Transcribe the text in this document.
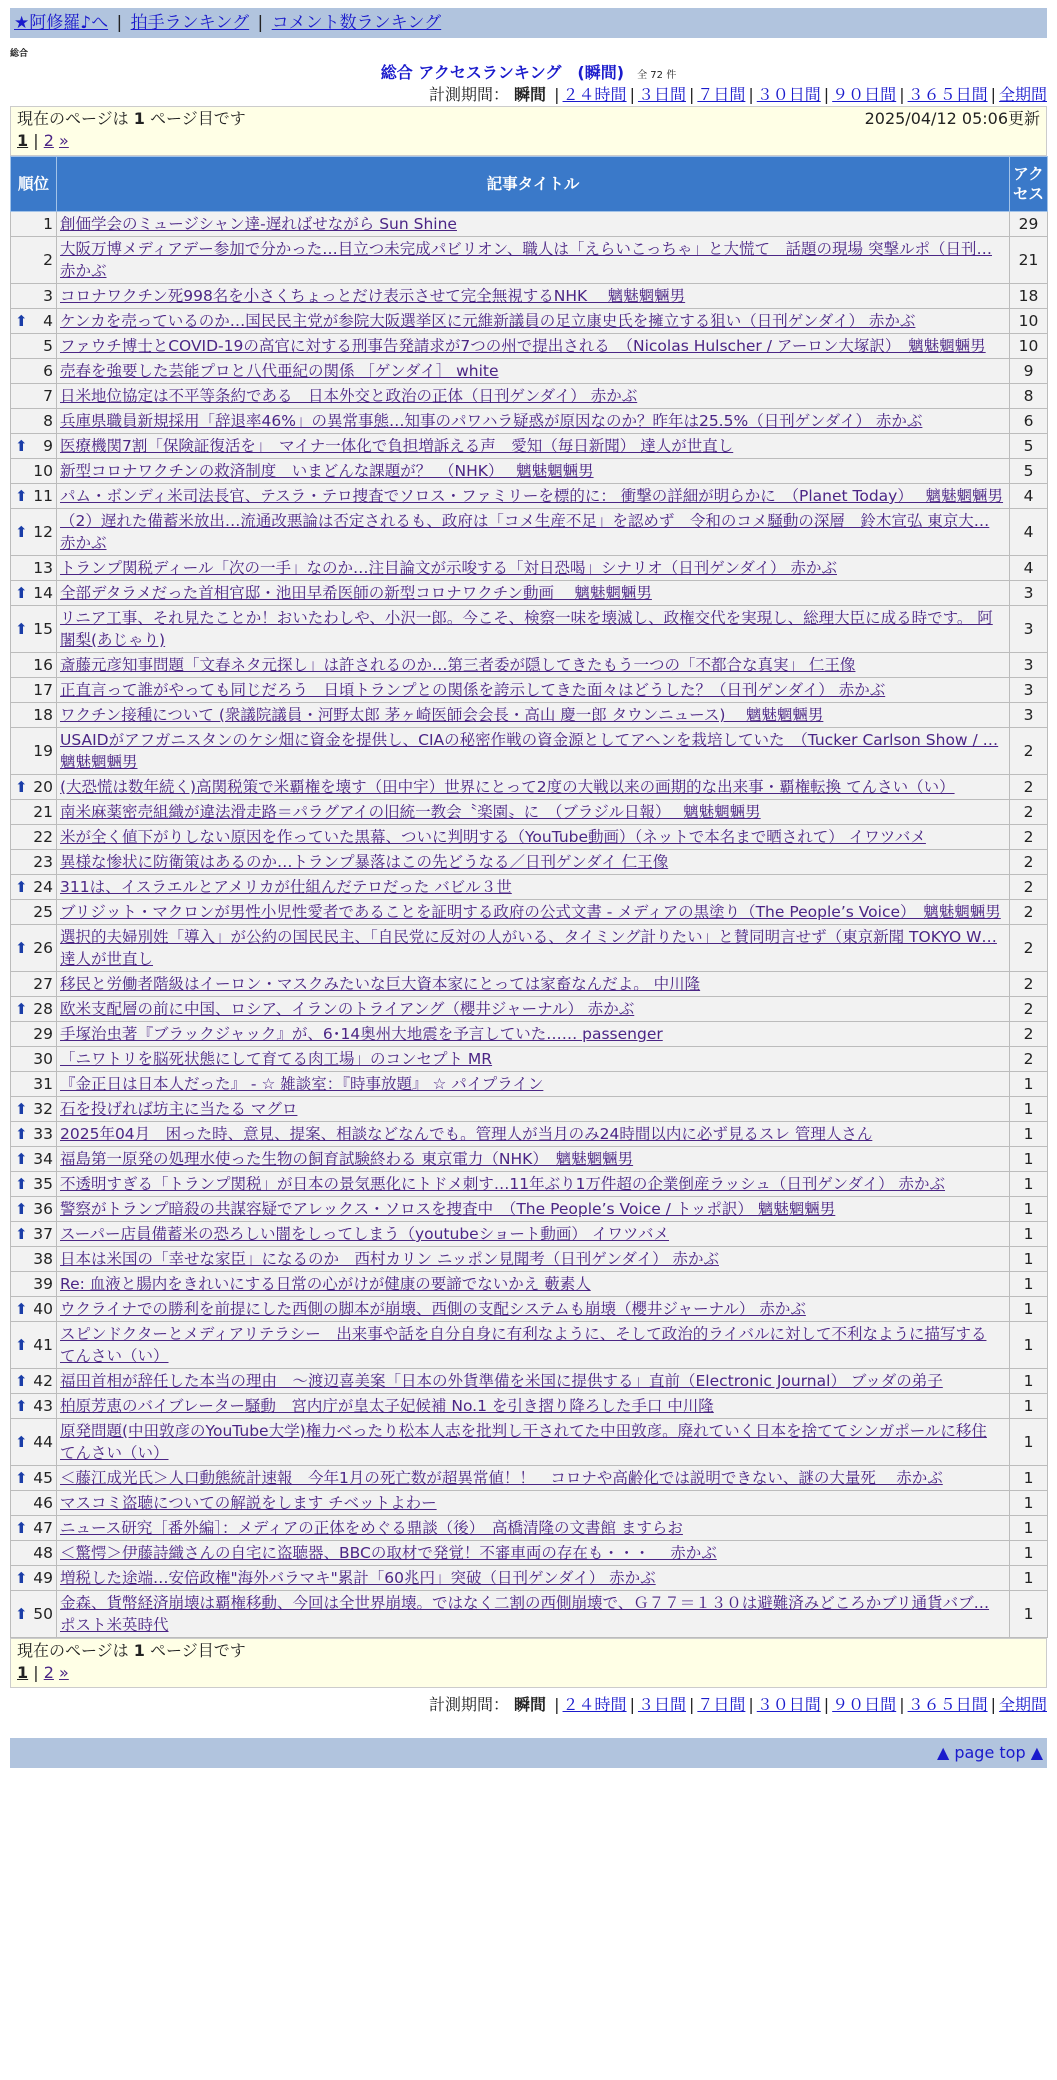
★阿修羅♪へ | 拍手ランキング | コメント数ランキング
総合
総合 アクセスランキング　(瞬間) 全 72 件
計測期間： 瞬間 | ２４時間 | ３日間 | ７日間 | ３０日間 | ９０日間 | ３６５日間 | 全期間
現在のページは 1 ページ目です	2025/04/12 05:06更新
1 | 2 »
順位	記事タイトル	アクセス
1	創価学会のミュージシャン達‐遅ればせながら Sun Shine	29
2	大阪万博メディアデー参加で分かった…目立つ未完成パビリオン、職人は「えらいこっちゃ」と大慌て　話題の現場 突撃ルポ（日刊… 赤かぶ	21
3	コロナワクチン死998名を小さくちょっとだけ表示させて完全無視するNHK　 魑魅魍魎男	18

⬆ 4	ケンカを売っているのか…国民民主党が参院大阪選挙区に元維新議員の足立康史氏を擁立する狙い（日刊ゲンダイ） 赤かぶ	10
5	ファウチ博士とCOVID-19の高官に対する刑事告発請求が7つの州で提出される　（Nicolas Hulscher / アーロン大塚訳）　魑魅魍魎男	10
6	売春を強要した芸能プロと八代亜紀の関係 ［ゲンダイ］ white	9
7	日米地位協定は不平等条約である　日本外交と政治の正体（日刊ゲンダイ） 赤かぶ	8
8	兵庫県職員新規採用「辞退率46%」の異常事態…知事のパワハラ疑惑が原因なのか？昨年は25.5%（日刊ゲンダイ） 赤かぶ	6

⬆ 9	医療機関7割「保険証復活を」　マイナ一体化で負担増訴える声　愛知（毎日新聞） 達人が世直し	5
10	新型コロナワクチンの救済制度　いまどんな課題が？　（NHK）　 魑魅魍魎男	5

⬆ 11	パム・ボンディ米司法長官、テスラ・テロ捜査でソロス・ファミリーを標的に： 衝撃の詳細が明らかに　（Planet Today）　 魑魅魍魎男	4

⬆ 12	（2）遅れた備蓄米放出…流通改悪論は否定されるも、政府は「コメ生産不足」を認めず　令和のコメ騒動の深層　鈴木宣弘 東京大… 赤かぶ	4
13	トランプ関税ディール「次の一手」なのか…注目論文が示唆する「対日恐喝」シナリオ（日刊ゲンダイ） 赤かぶ	4

⬆ 14	全部デタラメだった首相官邸・池田早希医師の新型コロナワクチン動画　 魑魅魍魎男	3

⬆ 15	リニア工事、それ見たことか！おいたわしや、小沢一郎。今こそ、検察一味を壊滅し、政権交代を実現し、総理大臣に成る時です。 阿闍梨(あじゃり)	3
16	斎藤元彦知事問題「文春ネタ元探し」は許されるのか…第三者委が隠してきたもう一つの「不都合な真実」 仁王像	3
17	正直言って誰がやっても同じだろう　日頃トランプとの関係を誇示してきた面々はどうした？（日刊ゲンダイ） 赤かぶ	3
18	ワクチン接種について (衆議院議員・河野太郎 茅ヶ崎医師会会長・高山 慶一郎 タウンニュース)　 魑魅魍魎男	3
19	USAIDがアフガニスタンのケシ畑に資金を提供し、CIAの秘密作戦の資金源としてアヘンを栽培していた　（Tucker Carlson Show / … 魑魅魍魎男	2

⬆ 20	(大恐慌は数年続く)高関税策で米覇権を壊す（田中宇）世界にとって2度の大戦以来の画期的な出来事・覇権転換 てんさい（い）	2
21	南米麻薬密売組織が違法滑走路＝パラグアイの旧統一教会〝楽園〟に　（ブラジル日報）　 魑魅魍魎男	2
22	米が全く値下がりしない原因を作っていた黒幕、ついに判明する（YouTube動画）（ネットで本名まで晒されて） イワツバメ	2
23	異様な惨状に防衛策はあるのか…トランプ暴落はこの先どうなる／日刊ゲンダイ 仁王像	2

⬆ 24	311は、イスラエルとアメリカが仕組んだテロだった バビル３世	2
25	ブリジット・マクロンが男性小児性愛者であることを証明する政府の公式文書 - メディアの黒塗り（The People’s Voice）　魑魅魍魎男	2

⬆ 26	選択的夫婦別姓「導入」が公約の国民民主、「自民党に反対の人がいる、タイミング計りたい」と賛同明言せず（東京新聞 TOKYO W… 達人が世直し	2
27	移民と労働者階級はイーロン・マスクみたいな巨大資本家にとっては家畜なんだよ。 中川隆	2

⬆ 28	欧米支配層の前に中国、ロシア、イランのトライアング（櫻井ジャーナル） 赤かぶ	2
29	手塚治虫著『ブラックジャック』が、6･14奥州大地震を予言していた…… passenger	2
30	「ニワトリを脳死状態にして育てる肉工場」のコンセプト MR	2
31	『金正日は日本人だった』 - ☆ 雑談室：『時事放題』 ☆ パイプライン	1

⬆ 32	石を投げれば坊主に当たる マグロ	1

⬆ 33	2025年04月　困った時、意見、提案、相談などなんでも。管理人が当月のみ24時間以内に必ず見るスレ 管理人さん	1

⬆ 34	福島第一原発の処理水使った生物の飼育試験終わる 東京電力（NHK）　魑魅魍魎男	1

⬆ 35	不透明すぎる「トランプ関税」が日本の景気悪化にトドメ刺す…11年ぶり1万件超の企業倒産ラッシュ（日刊ゲンダイ） 赤かぶ	1

⬆ 36	警察がトランプ暗殺の共謀容疑でアレックス・ソロスを捜査中　（The People’s Voice / トッポ訳） 魑魅魍魎男	1

⬆ 37	スーパー店員備蓄米の恐ろしい闇をしってしまう（youtubeショート動画） イワツバメ	1
38	日本は米国の「幸せな家臣」になるのか　西村カリン ニッポン見聞考（日刊ゲンダイ） 赤かぶ	1
39	Re: 血液と腸内をきれいにする日常の心がけが健康の要諦でないかえ 藪素人	1

⬆ 40	ウクライナでの勝利を前提にした西側の脚本が崩壊、西側の支配システムも崩壊（櫻井ジャーナル） 赤かぶ	1

⬆ 41	スピンドクターとメディアリテラシー　出来事や話を自分自身に有利なように、そして政治的ライバルに対して不利なように描写する てんさい（い）	1

⬆ 42	福田首相が辞任した本当の理由　～渡辺喜美案「日本の外貨準備を米国に提供する」直前（Electronic Journal） ブッダの弟子	1

⬆ 43	柏原芳恵のバイブレーター騒動　宮内庁が皇太子妃候補 No.1 を引き摺り降ろした手口 中川隆	1

⬆ 44	原発問題(中田敦彦のYouTube大学)権力べったり松本人志を批判し干されてた中田敦彦。廃れていく日本を捨ててシンガポールに移住 てんさい（い）	1

⬆ 45	＜藤江成光氏＞人口動態統計速報　今年1月の死亡数が超異常値！！　コロナや高齢化では説明できない、謎の大量死　 赤かぶ	1
46	マスコミ盗聴についての解説をします チベットよわー	1

⬆ 47	ニュース研究［番外編］：メディアの正体をめぐる鼎談（後）　高橋清隆の文書館 ますらお	1
48	＜驚愕＞伊藤詩織さんの自宅に盗聴器、BBCの取材で発覚！不審車両の存在も・・・　 赤かぶ	1

⬆ 49	増税した途端…安倍政権"海外バラマキ"累計「60兆円」突破（日刊ゲンダイ） 赤かぶ	1

⬆ 50	金森、貨幣経済崩壊は覇権移動、今回は全世界崩壊。ではなく二割の西側崩壊で、Ｇ７７＝１３０は避難済みどころかブリ通貨バブ… ポスト米英時代	1
現在のページは 1 ページ目です
1 | 2 »
計測期間： 瞬間 | ２４時間 | ３日間 | ７日間 | ３０日間 | ９０日間 | ３６５日間 | 全期間
▲ page top ▲
